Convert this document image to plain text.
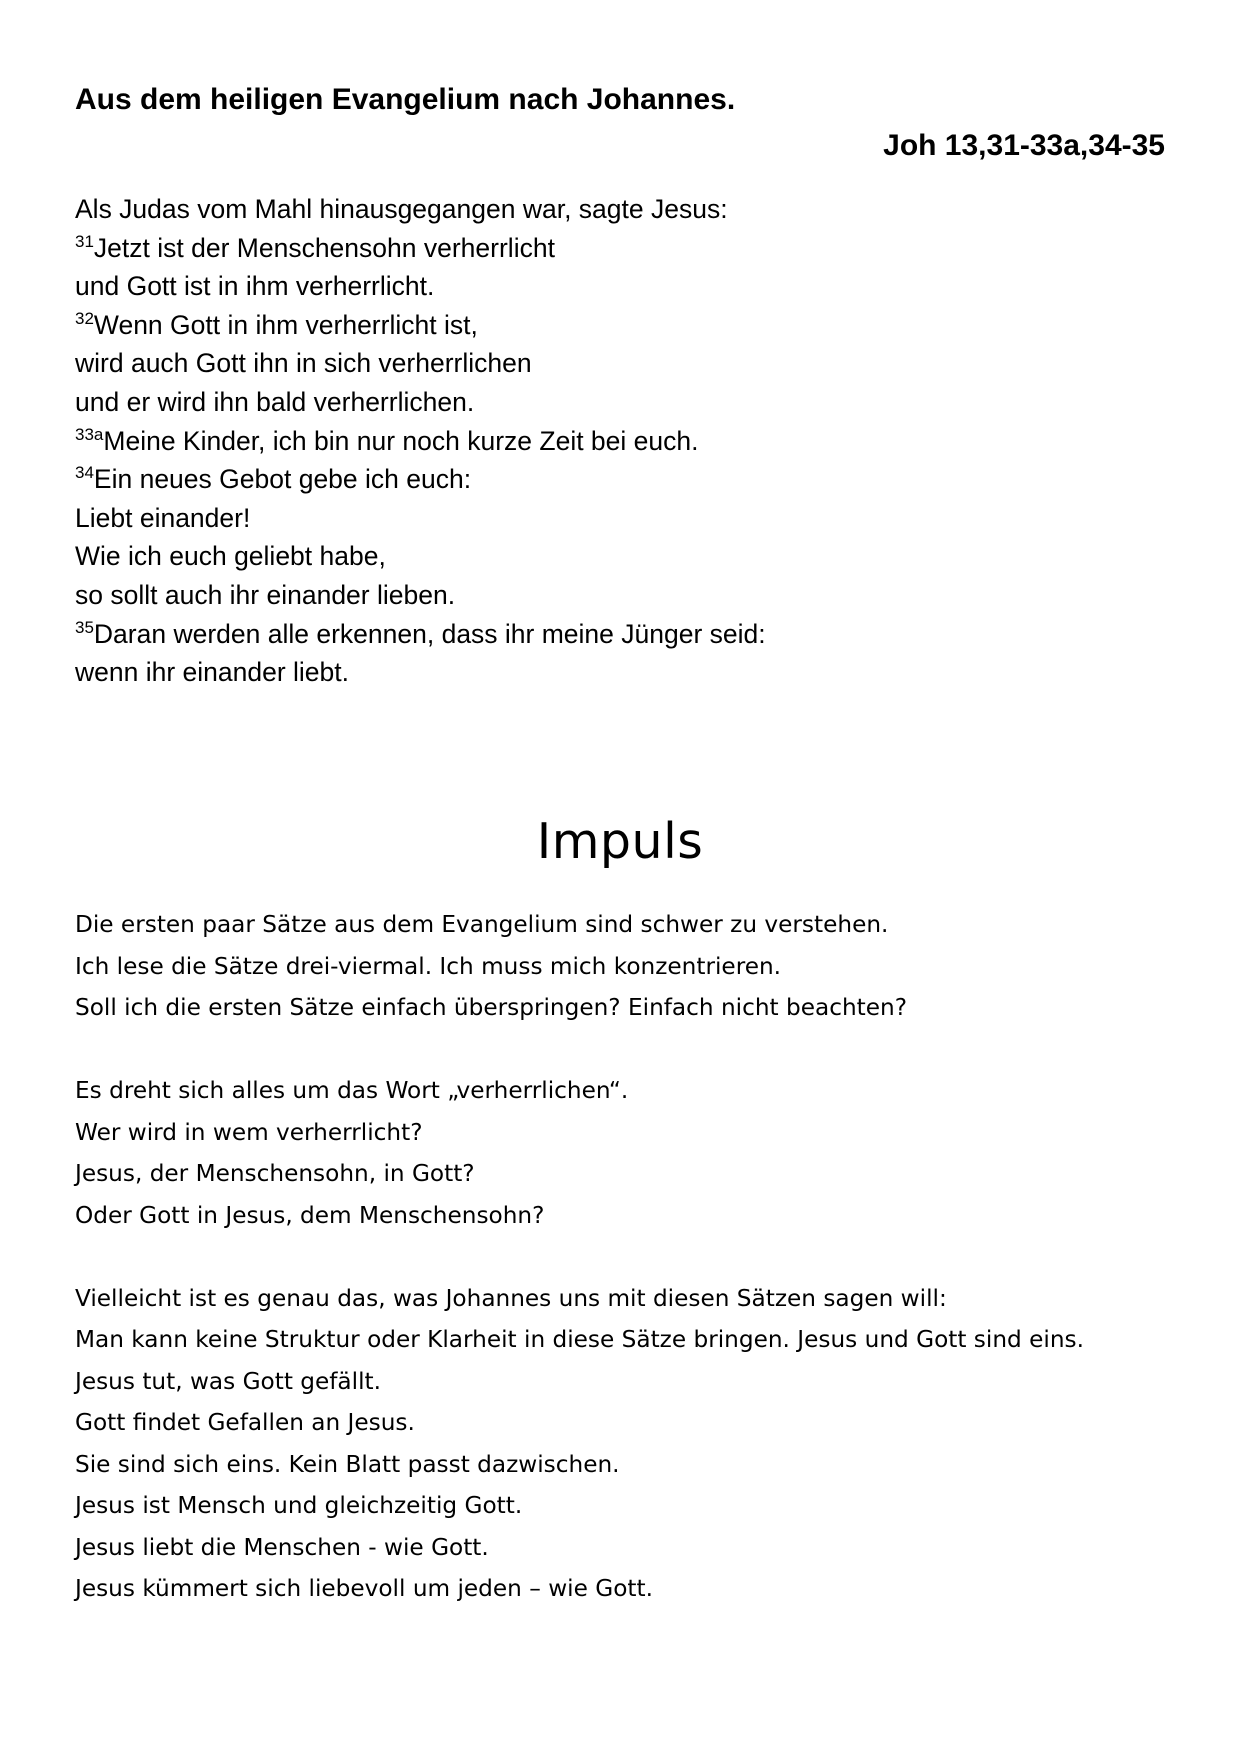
Aus dem heiligen Evangelium nach Johannes.
Joh 13,31-33a,34-35
Als Judas vom Mahl hinausgegangen war, sagte Jesus:
$^{31}$Jetzt ist der Menschensohn verherrlicht
und Gott ist in ihm verherrlicht.
$^{32}$Wenn Gott in ihm verherrlicht ist,
wird auch Gott ihn in sich verherrlichen
und er wird ihn bald verherrlichen.
$^{33a}$Meine Kinder, ich bin nur noch kurze Zeit bei euch.
$^{34}$Ein neues Gebot gebe ich euch:
Liebt einander!
Wie ich euch geliebt habe,
so sollt auch ihr einander lieben.
$^{35}$Daran werden alle erkennen, dass ihr meine Jünger seid:
wenn ihr einander liebt.
Impuls
Die ersten paar Sätze aus dem Evangelium sind schwer zu verstehen.
Ich lese die Sätze drei-viermal. Ich muss mich konzentrieren.
Soll ich die ersten Sätze einfach überspringen? Einfach nicht beachten?
Es dreht sich alles um das Wort „verherrlichen“.
Wer wird in wem verherrlicht?
Jesus, der Menschensohn, in Gott?
Oder Gott in Jesus, dem Menschensohn?
Vielleicht ist es genau das, was Johannes uns mit diesen Sätzen sagen will:
Man kann keine Struktur oder Klarheit in diese Sätze bringen. Jesus und Gott sind eins.
Jesus tut, was Gott gefällt.
Gott findet Gefallen an Jesus.
Sie sind sich eins. Kein Blatt passt dazwischen.
Jesus ist Mensch und gleichzeitig Gott.
Jesus liebt die Menschen - wie Gott.
Jesus kümmert sich liebevoll um jeden – wie Gott.
